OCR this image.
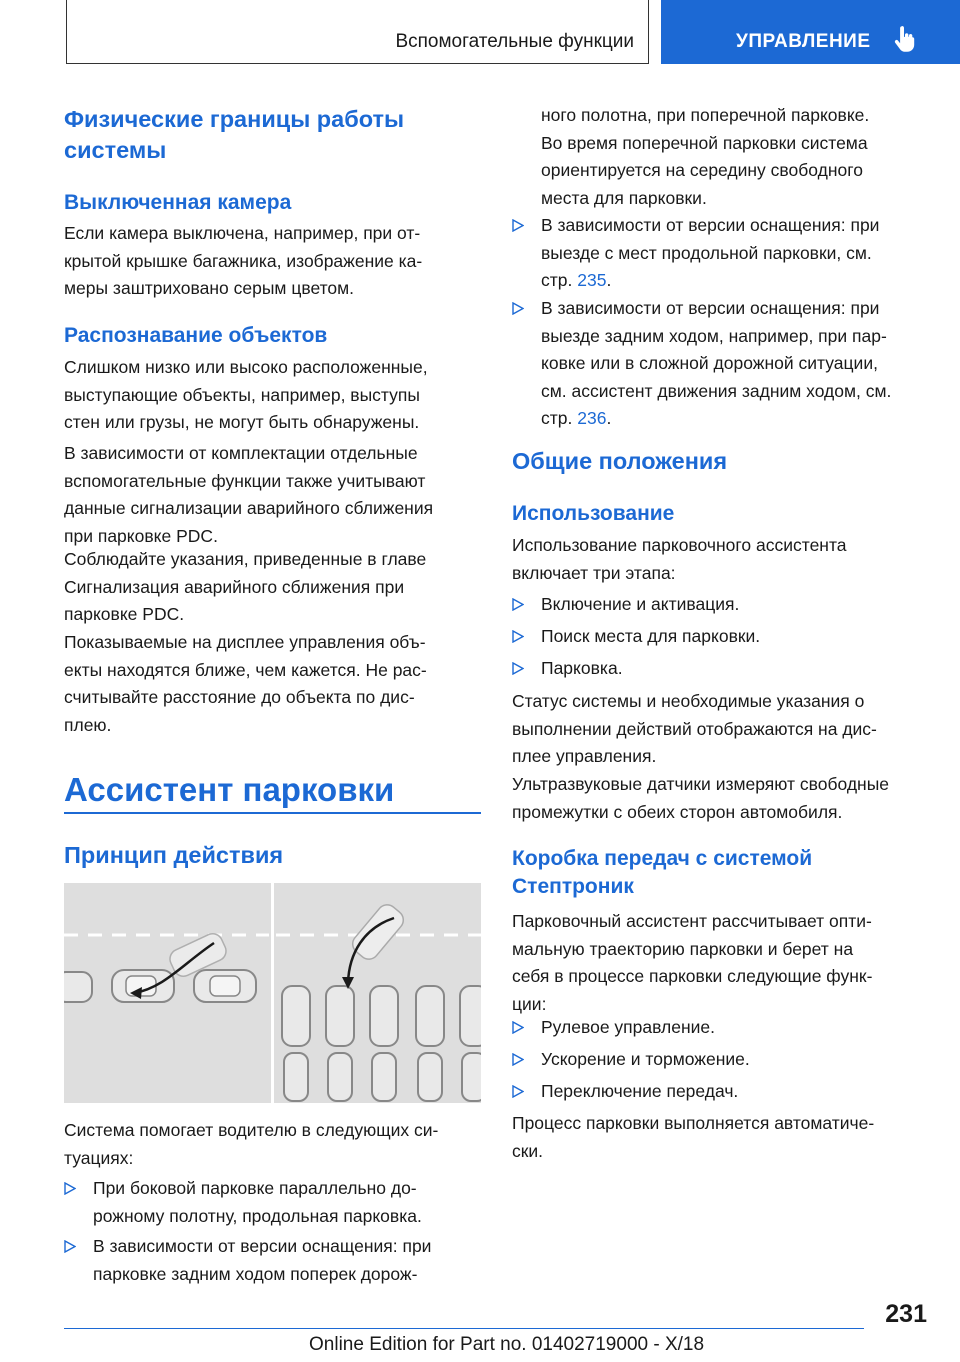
Вспомогательные функции	УПРАВЛЕНИЕ
Физические границы работы
системы
Выключенная камера
Если камера выключена, например, при от-
крытой крышке багажника, изображение ка-
меры заштриховано серым цветом.
Распознавание объектов
Слишком низко или высоко расположенные,
выступающие объекты, например, выступы
стен или грузы, не могут быть обнаружены.
В зависимости от комплектации отдельные
вспомогательные функции также учитывают
данные сигнализации аварийного сближения
при парковке PDC.
Соблюдайте указания, приведенные в главе
Сигнализация аварийного сближения при
парковке PDC.
Показываемые на дисплее управления объ-
екты находятся ближе, чем кажется. Не рас-
считывайте расстояние до объекта по дис-
плею.
Ассистент парковки
Принцип действия
Система помогает водителю в следующих си-
туациях:
При боковой парковке параллельно до-
рожному полотну, продольная парковка.
В зависимости от версии оснащения: при
парковке задним ходом поперек дорож-
ного полотна, при поперечной парковке.
Во время поперечной парковки система
ориентируется на середину свободного
места для парковки.
В зависимости от версии оснащения: при
выезде с мест продольной парковки, см.
стр. 235.
В зависимости от версии оснащения: при
выезде задним ходом, например, при пар-
ковке или в сложной дорожной ситуации,
см. ассистент движения задним ходом, см.
стр. 236.
Общие положения
Использование
Использование парковочного ассистента
включает три этапа:
Включение и активация.
Поиск места для парковки.
Парковка.
Статус системы и необходимые указания о
выполнении действий отображаются на дис-
плее управления.
Ультразвуковые датчики измеряют свободные
промежутки с обеих сторон автомобиля.
Коробка передач с системой
Стептроник
Парковочный ассистент рассчитывает опти-
мальную траекторию парковки и берет на
себя в процессе парковки следующие функ-
ции:
Рулевое управление.
Ускорение и торможение.
Переключение передач.
Процесс парковки выполняется автоматиче-
ски.
231
Online Edition for Part no. 01402719000 - X/18
